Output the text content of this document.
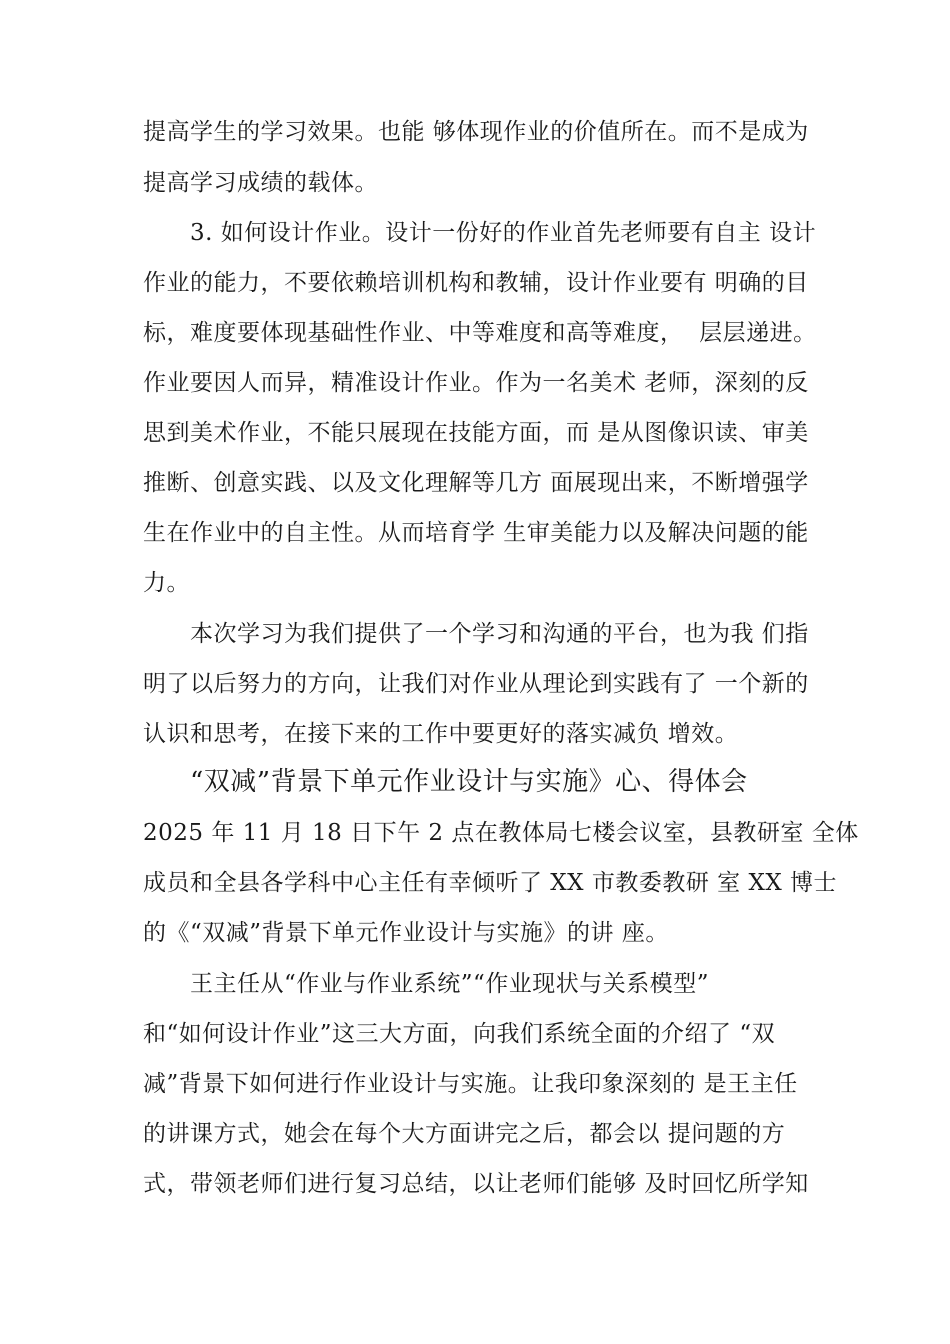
提高学生的学习效果。也能 够体现作业的价值所在。而不是成为
提高学习成绩的载体。
3. 如何设计作业。设计一份好的作业首先老师要有自主 设计
作业的能力，不要依赖培训机构和教辅，设计作业要有 明确的目
标，难度要体现基础性作业、中等难度和高等难度，  层层递进。
作业要因人而异，精准设计作业。作为一名美术 老师，深刻的反
思到美术作业，不能只展现在技能方面，而 是从图像识读、审美
推断、创意实践、以及文化理解等几方 面展现出来，不断增强学
生在作业中的自主性。从而培育学 生审美能力以及解决问题的能
力。
本次学习为我们提供了一个学习和沟通的平台，也为我 们指
明了以后努力的方向，让我们对作业从理论到实践有了 一个新的
认识和思考，在接下来的工作中要更好的落实减负 增效。
“双减”背景下单元作业设计与实施》心、得体会
2025 年 11 月 18 日下午 2 点在教体局七楼会议室，县教研室 全体
成员和全县各学科中心主任有幸倾听了 XX 市教委教研 室 XX 博士
的《“双减”背景下单元作业设计与实施》的讲 座。
王主任从“作业与作业系统”“作业现状与关系模型”
和“如何设计作业”这三大方面，向我们系统全面的介绍了 “双
减”背景下如何进行作业设计与实施。让我印象深刻的 是王主任
的讲课方式，她会在每个大方面讲完之后，都会以 提问题的方
式，带领老师们进行复习总结，以让老师们能够 及时回忆所学知
